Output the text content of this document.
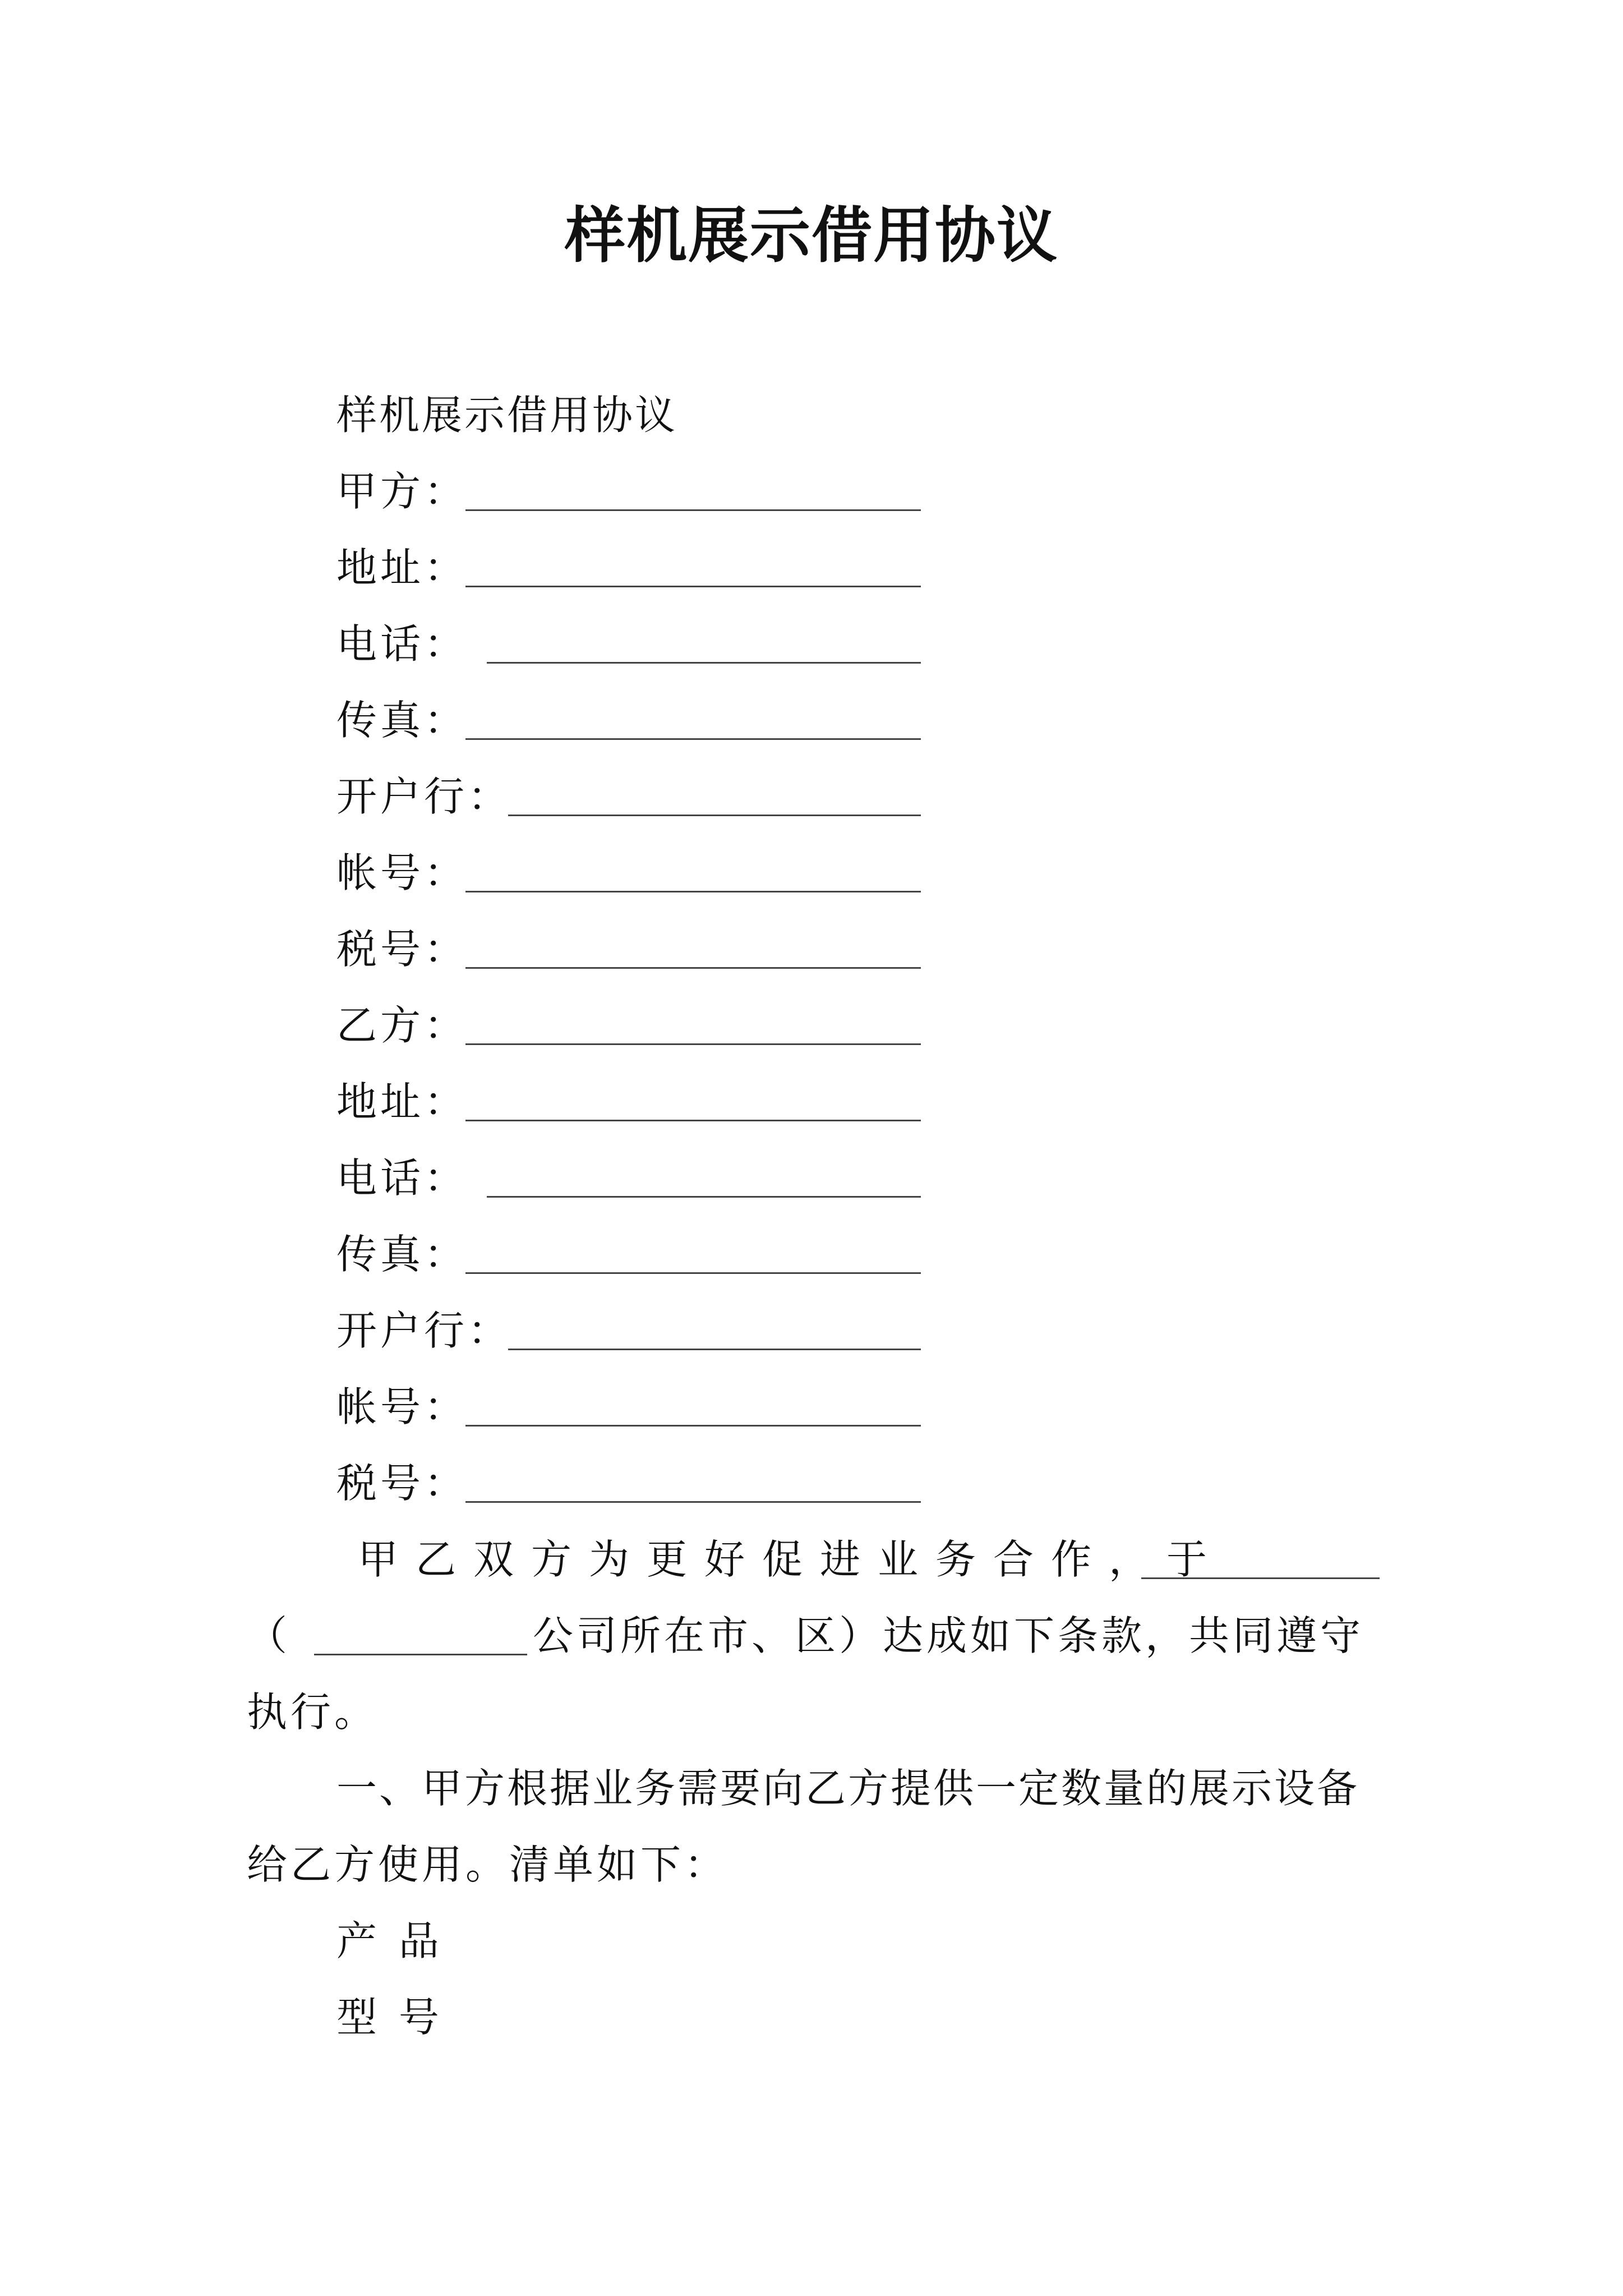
样机展示借用协议
样机展示借用协议
甲方：
地址：
电话：
传真：
开户行：
帐号：
税号：
乙方：
地址：
电话：
传真：
开户行：
帐号：
税号：
甲乙双方为更好促进业务合作，于
（	公司所在市、区）达成如下条款，共同遵守
执行。
一、甲方根据业务需要向乙方提供一定数量的展示设备
给乙方使用。清单如下：
产 品
型 号
